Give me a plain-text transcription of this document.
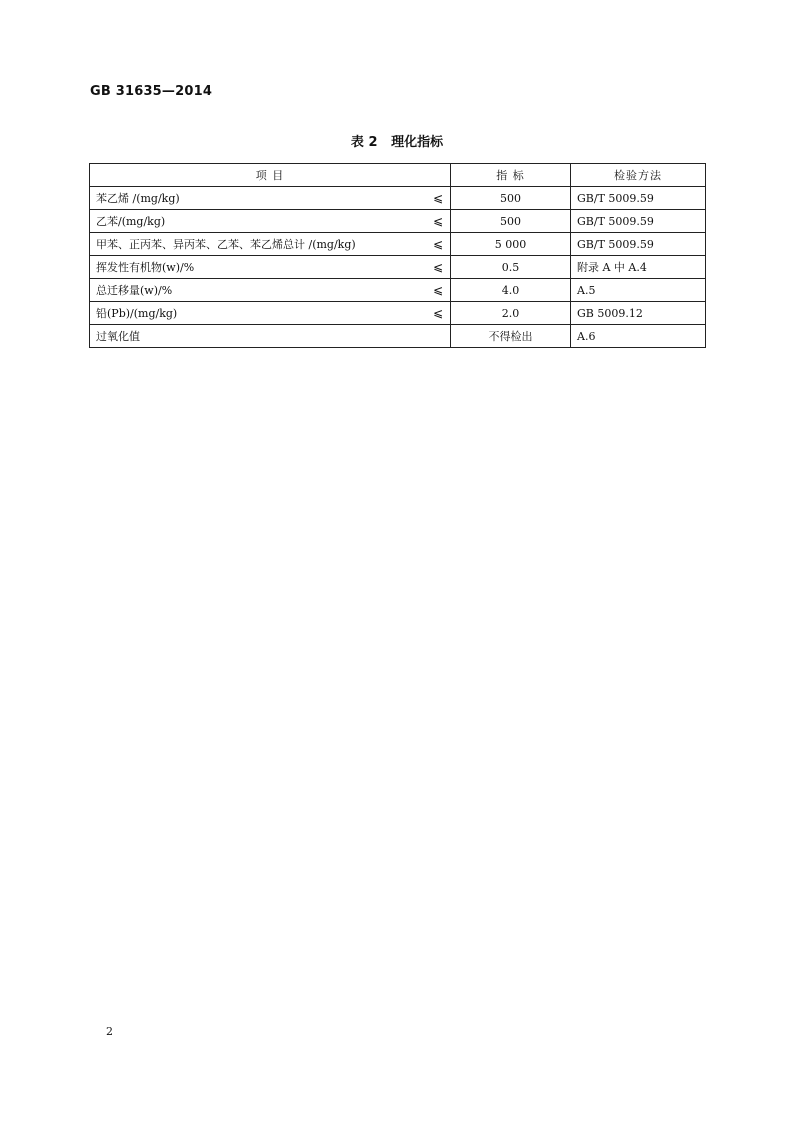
GB 31635—2014
表 2   理化指标
项 目	指 标	检验方法
苯乙烯 /(mg/kg) ⩽	500	GB/T 5009.59
乙苯/(mg/kg) ⩽	500	GB/T 5009.59
甲苯、正丙苯、异丙苯、乙苯、苯乙烯总计 /(mg/kg) ⩽	5 000	GB/T 5009.59
挥发性有机物(w)/% ⩽	0.5	附录 A 中 A.4
总迁移量(w)/% ⩽	4.0	A.5
铅(Pb)/(mg/kg) ⩽	2.0	GB 5009.12
过氧化值	不得检出	A.6
2
